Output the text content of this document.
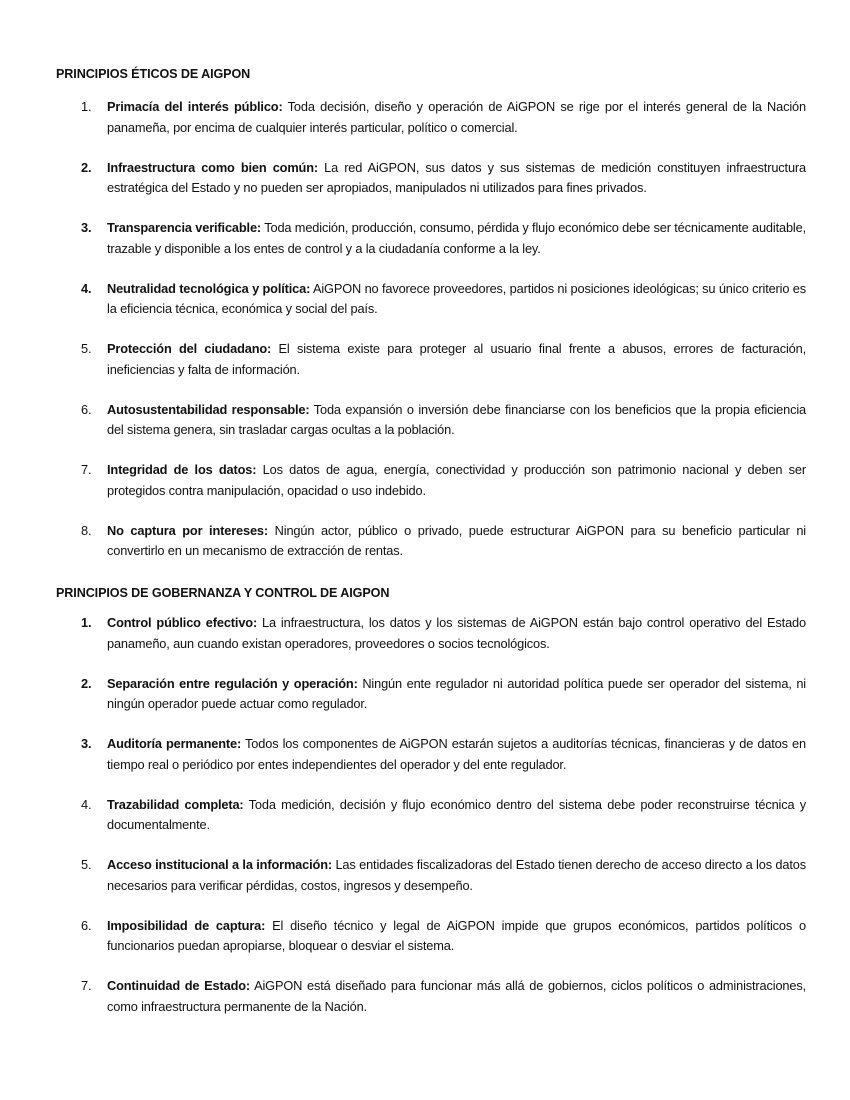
PRINCIPIOS ÉTICOS DE AIGPON
1. Primacía del interés público: Toda decisión, diseño y operación de AiGPON se rige por el interés general de la Nación panameña, por encima de cualquier interés particular, político o comercial.
2. Infraestructura como bien común: La red AiGPON, sus datos y sus sistemas de medición constituyen infraestructura estratégica del Estado y no pueden ser apropiados, manipulados ni utilizados para fines privados.
3. Transparencia verificable: Toda medición, producción, consumo, pérdida y flujo económico debe ser técnicamente auditable, trazable y disponible a los entes de control y a la ciudadanía conforme a la ley.
4. Neutralidad tecnológica y política: AiGPON no favorece proveedores, partidos ni posiciones ideológicas; su único criterio es la eficiencia técnica, económica y social del país.
5. Protección del ciudadano: El sistema existe para proteger al usuario final frente a abusos, errores de facturación, ineficiencias y falta de información.
6. Autosustentabilidad responsable: Toda expansión o inversión debe financiarse con los beneficios que la propia eficiencia del sistema genera, sin trasladar cargas ocultas a la población.
7. Integridad de los datos: Los datos de agua, energía, conectividad y producción son patrimonio nacional y deben ser protegidos contra manipulación, opacidad o uso indebido.
8. No captura por intereses: Ningún actor, público o privado, puede estructurar AiGPON para su beneficio particular ni convertirlo en un mecanismo de extracción de rentas.
PRINCIPIOS DE GOBERNANZA Y CONTROL DE AIGPON
1. Control público efectivo: La infraestructura, los datos y los sistemas de AiGPON están bajo control operativo del Estado panameño, aun cuando existan operadores, proveedores o socios tecnológicos.
2. Separación entre regulación y operación: Ningún ente regulador ni autoridad política puede ser operador del sistema, ni ningún operador puede actuar como regulador.
3. Auditoría permanente: Todos los componentes de AiGPON estarán sujetos a auditorías técnicas, financieras y de datos en tiempo real o periódico por entes independientes del operador y del ente regulador.
4. Trazabilidad completa: Toda medición, decisión y flujo económico dentro del sistema debe poder reconstruirse técnica y documentalmente.
5. Acceso institucional a la información: Las entidades fiscalizadoras del Estado tienen derecho de acceso directo a los datos necesarios para verificar pérdidas, costos, ingresos y desempeño.
6. Imposibilidad de captura: El diseño técnico y legal de AiGPON impide que grupos económicos, partidos políticos o funcionarios puedan apropiarse, bloquear o desviar el sistema.
7. Continuidad de Estado: AiGPON está diseñado para funcionar más allá de gobiernos, ciclos políticos o administraciones, como infraestructura permanente de la Nación.
